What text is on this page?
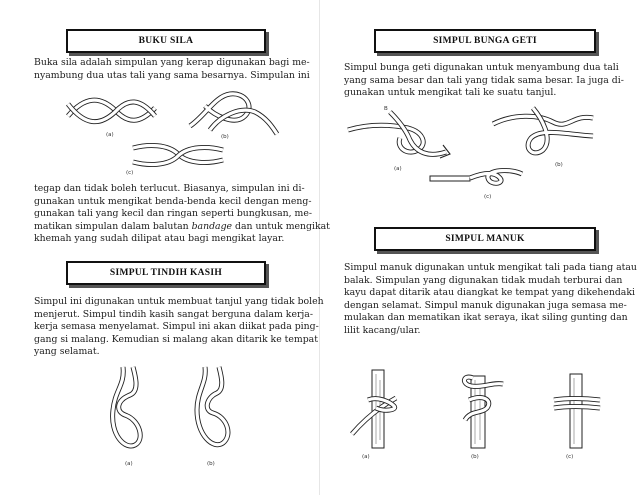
BUKU SILA

Buka sila adalah simpulan yang kerap digunakan bagi me-
nyambung dua utas tali yang sama besarnya. Simpulan ini

(a)	(b)
(c)

tegap dan tidak boleh terlucut. Biasanya, simpulan ini di-
gunakan untuk mengikat benda-benda kecil dengan meng-
gunakan tali yang kecil dan ringan seperti bungkusan, me-
matikan simpulan dalam balutan bandage dan untuk mengikat
khemah yang sudah dilipat atau bagi mengikat layar.

SIMPUL TINDIH KASIH

Simpul ini digunakan untuk membuat tanjul yang tidak boleh
menjerut. Simpul tindih kasih sangat berguna dalam kerja-
kerja semasa menyelamat. Simpul ini akan diikat pada ping-
gang si malang. Kemudian si malang akan ditarik ke tempat
yang selamat.

(a)	(b)
SIMPUL BUNGA GETI

Simpul bunga geti digunakan untuk menyambung dua tali
yang sama besar dan tali yang tidak sama besar. Ia juga di-
gunakan untuk mengikat tali ke suatu tanjul.

B
(a)
(b)
(c)
SIMPUL MANUK

Simpul manuk digunakan untuk mengikat tali pada tiang atau
balak. Simpulan yang digunakan tidak mudah terburai dan
kayu dapat ditarik atau diangkat ke tempat yang dikehendaki
dengan selamat. Simpul manuk digunakan juga semasa me-
mulakan dan mematikan ikat seraya, ikat siling gunting dan
lilit kacang/ular.

(a)	(b)	(c)
